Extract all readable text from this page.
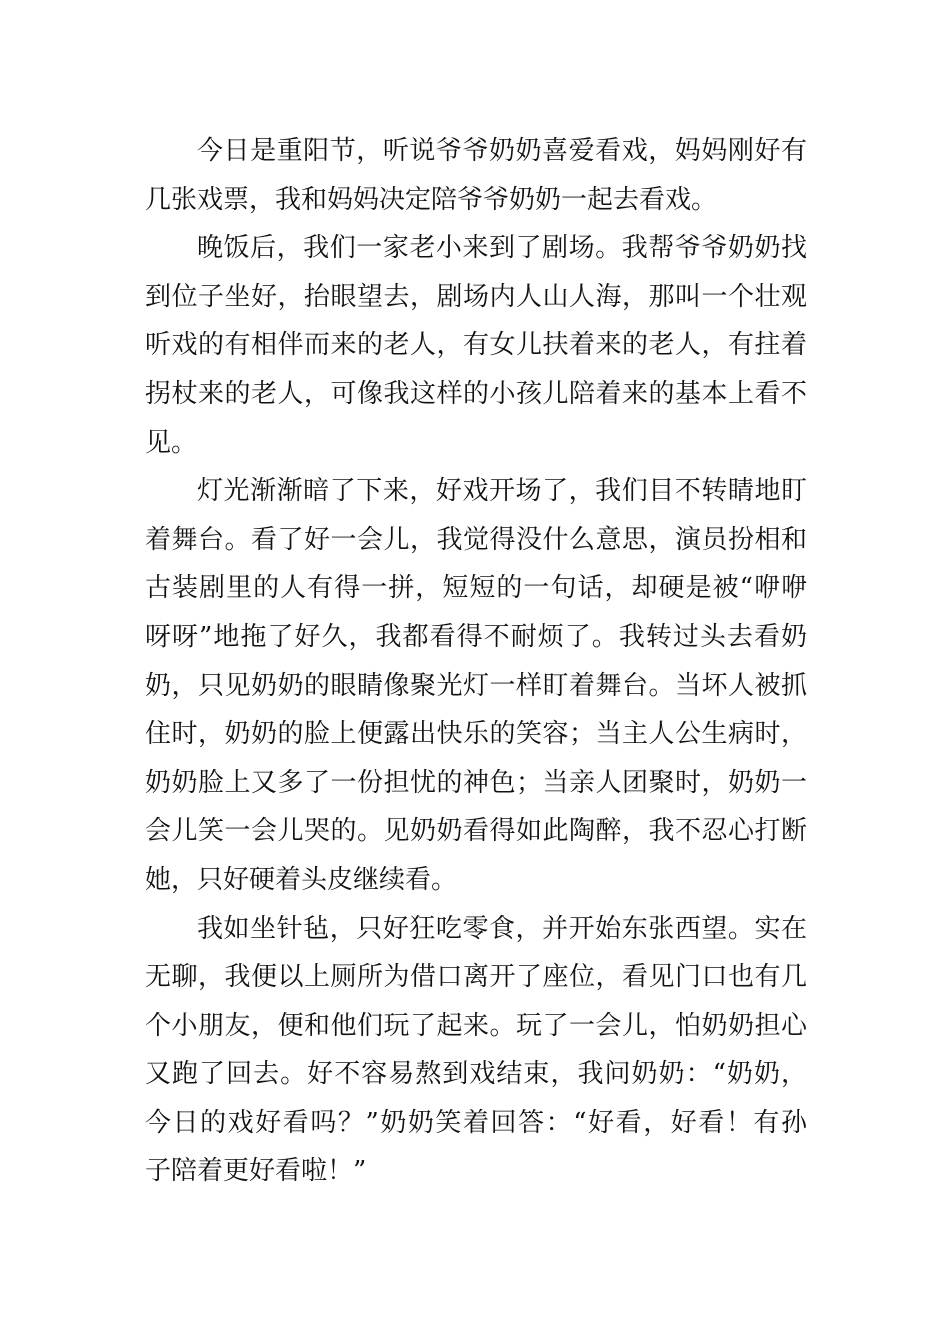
今日是重阳节，听说爷爷奶奶喜爱看戏，妈妈刚好有
几张戏票，我和妈妈决定陪爷爷奶奶一起去看戏。
晚饭后，我们一家老小来到了剧场。我帮爷爷奶奶找
到位子坐好，抬眼望去，剧场内人山人海，那叫一个壮观
听戏的有相伴而来的老人，有女儿扶着来的老人，有拄着
拐杖来的老人，可像我这样的小孩儿陪着来的基本上看不
见。
灯光渐渐暗了下来，好戏开场了，我们目不转睛地盯
着舞台。看了好一会儿，我觉得没什么意思，演员扮相和
古装剧里的人有得一拼，短短的一句话，却硬是被“咿咿
呀呀”地拖了好久，我都看得不耐烦了。我转过头去看奶
奶，只见奶奶的眼睛像聚光灯一样盯着舞台。当坏人被抓
住时，奶奶的脸上便露出快乐的笑容；当主人公生病时，
奶奶脸上又多了一份担忧的神色；当亲人团聚时，奶奶一
会儿笑一会儿哭的。见奶奶看得如此陶醉，我不忍心打断
她，只好硬着头皮继续看。
我如坐针毡，只好狂吃零食，并开始东张西望。实在
无聊，我便以上厕所为借口离开了座位，看见门口也有几
个小朋友，便和他们玩了起来。玩了一会儿，怕奶奶担心
又跑了回去。好不容易熬到戏结束，我问奶奶：“奶奶，
今日的戏好看吗？”奶奶笑着回答：“好看，好看！有孙
子陪着更好看啦！”
